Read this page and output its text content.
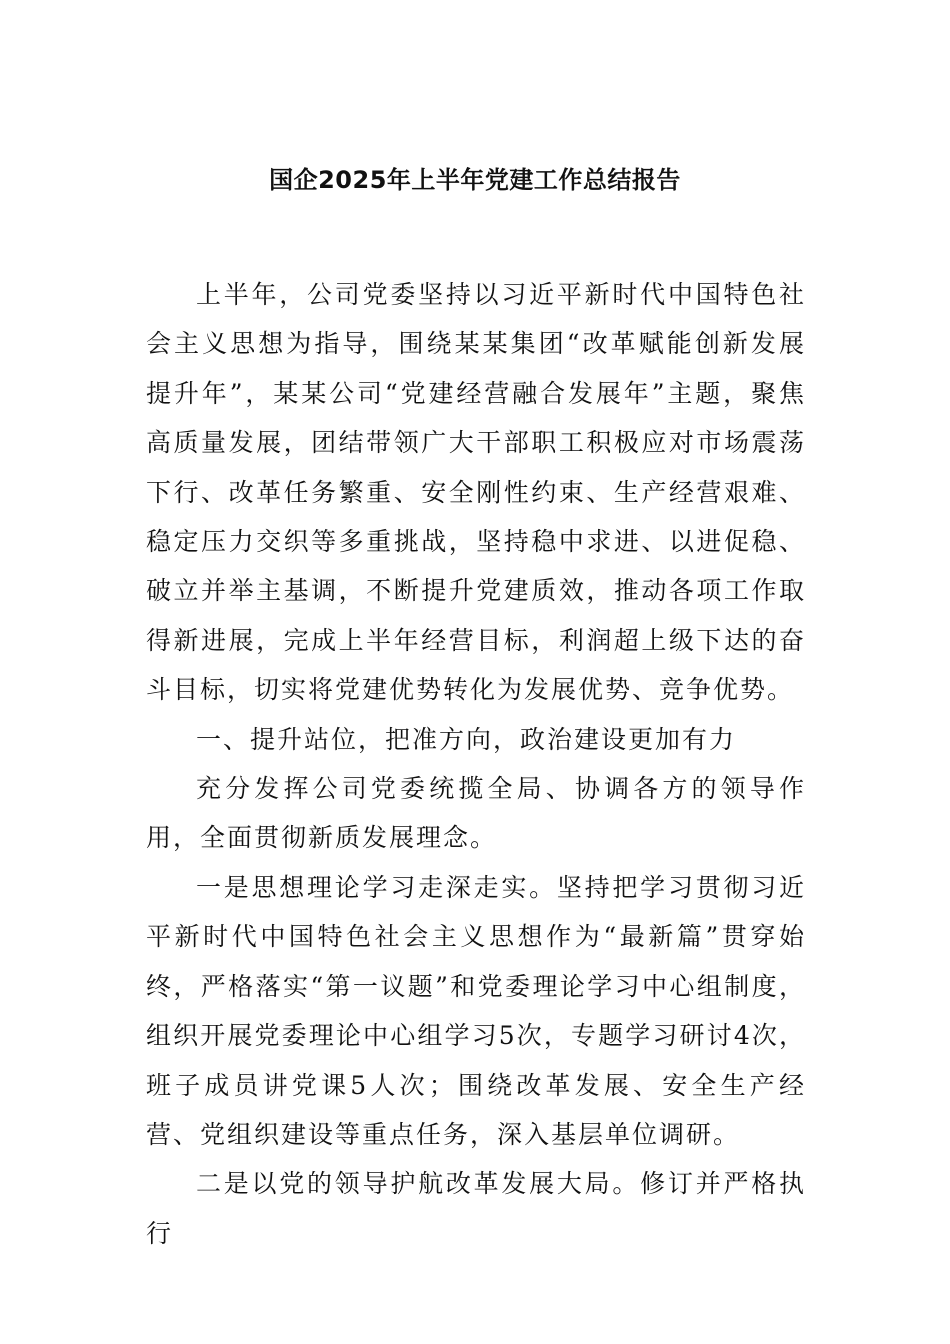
国企2025年上半年党建工作总结报告

上半年，公司党委坚持以习近平新时代中国特色社会主义思想为指导，围绕某某集团“改革赋能创新发展提升年”，某某公司“党建经营融合发展年”主题，聚焦高质量发展，团结带领广大干部职工积极应对市场震荡下行、改革任务繁重、安全刚性约束、生产经营艰难、稳定压力交织等多重挑战，坚持稳中求进、以进促稳、破立并举主基调，不断提升党建质效，推动各项工作取得新进展，完成上半年经营目标，利润超上级下达的奋斗目标，切实将党建优势转化为发展优势、竞争优势。

一、提升站位，把准方向，政治建设更加有力

充分发挥公司党委统揽全局、协调各方的领导作用，全面贯彻新质发展理念。

一是思想理论学习走深走实。坚持把学习贯彻习近平新时代中国特色社会主义思想作为“最新篇”贯穿始终，严格落实“第一议题”和党委理论学习中心组制度，组织开展党委理论中心组学习5次，专题学习研讨4次，班子成员讲党课5人次；围绕改革发展、安全生产经营、党组织建设等重点任务，深入基层单位调研。

二是以党的领导护航改革发展大局。修订并严格执行
